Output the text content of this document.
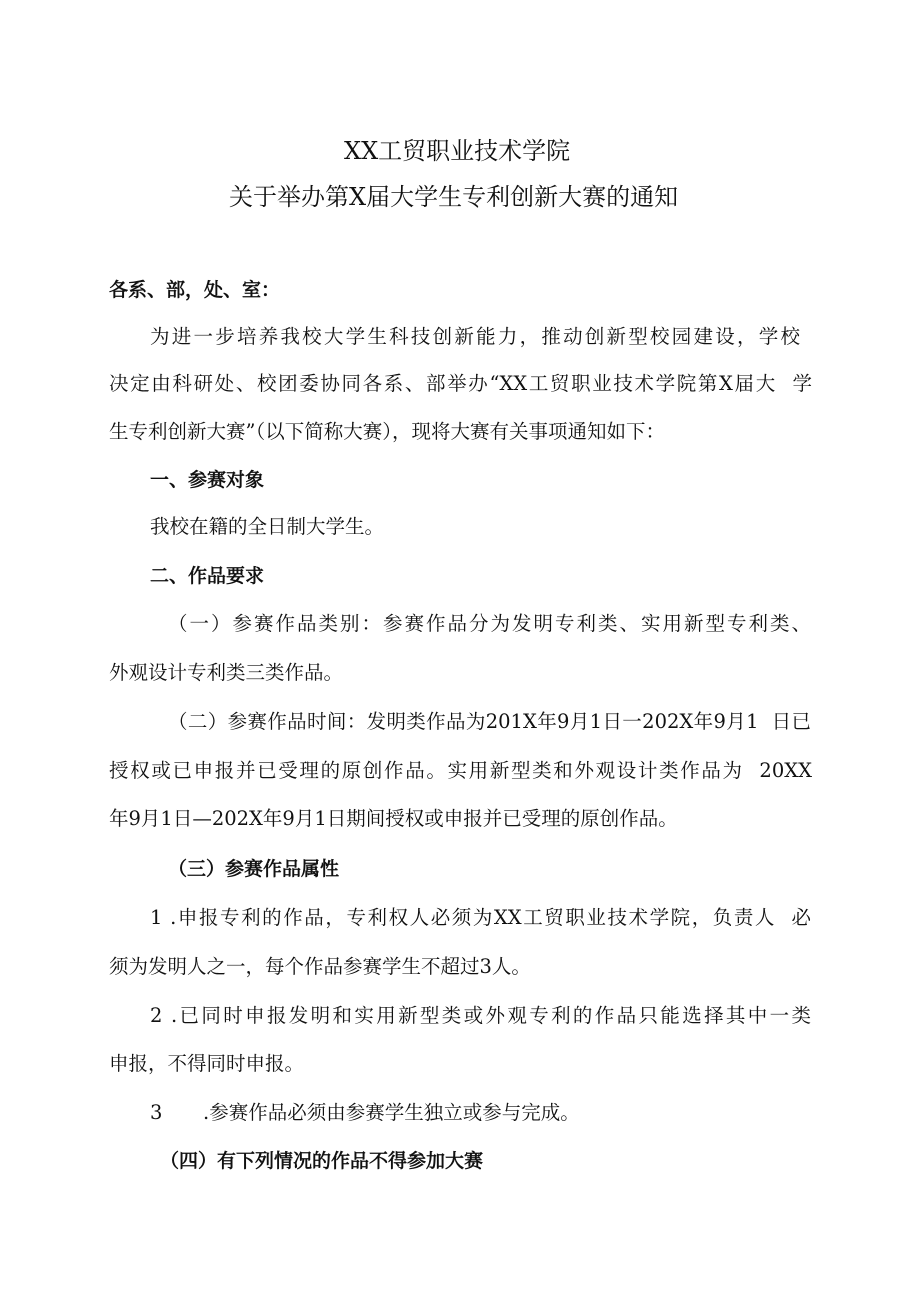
XX工贸职业技术学院
关于举办第X届大学生专利创新大赛的通知
各系、部，处、室：
为进一步培养我校大学生科技创新能力，推动创新型校园建设，学校
决定由科研处、校团委协同各系、部举办“XX工贸职业技术学院第X届大  学
生专利创新大赛”（以下简称大赛），现将大赛有关事项通知如下：
一、参赛对象
我校在籍的全日制大学生。
二、作品要求
（一）参赛作品类别：参赛作品分为发明专利类、实用新型专利类、
外观设计专利类三类作品。
（二）参赛作品时间：发明类作品为201X年9月1日一202X年9月1  日已
授权或已申报并已受理的原创作品。实用新型类和外观设计类作品为  20XX
年9月1日—202X年9月1日期间授权或申报并已受理的原创作品。
（三）参赛作品属性
1 .申报专利的作品，专利权人必须为XX工贸职业技术学院，负责人  必
须为发明人之一，每个作品参赛学生不超过3人。
2 .已同时申报发明和实用新型类或外观专利的作品只能选择其中一类
申报，不得同时申报。
3 .参赛作品必须由参赛学生独立或参与完成。
（四）有下列情况的作品不得参加大赛
